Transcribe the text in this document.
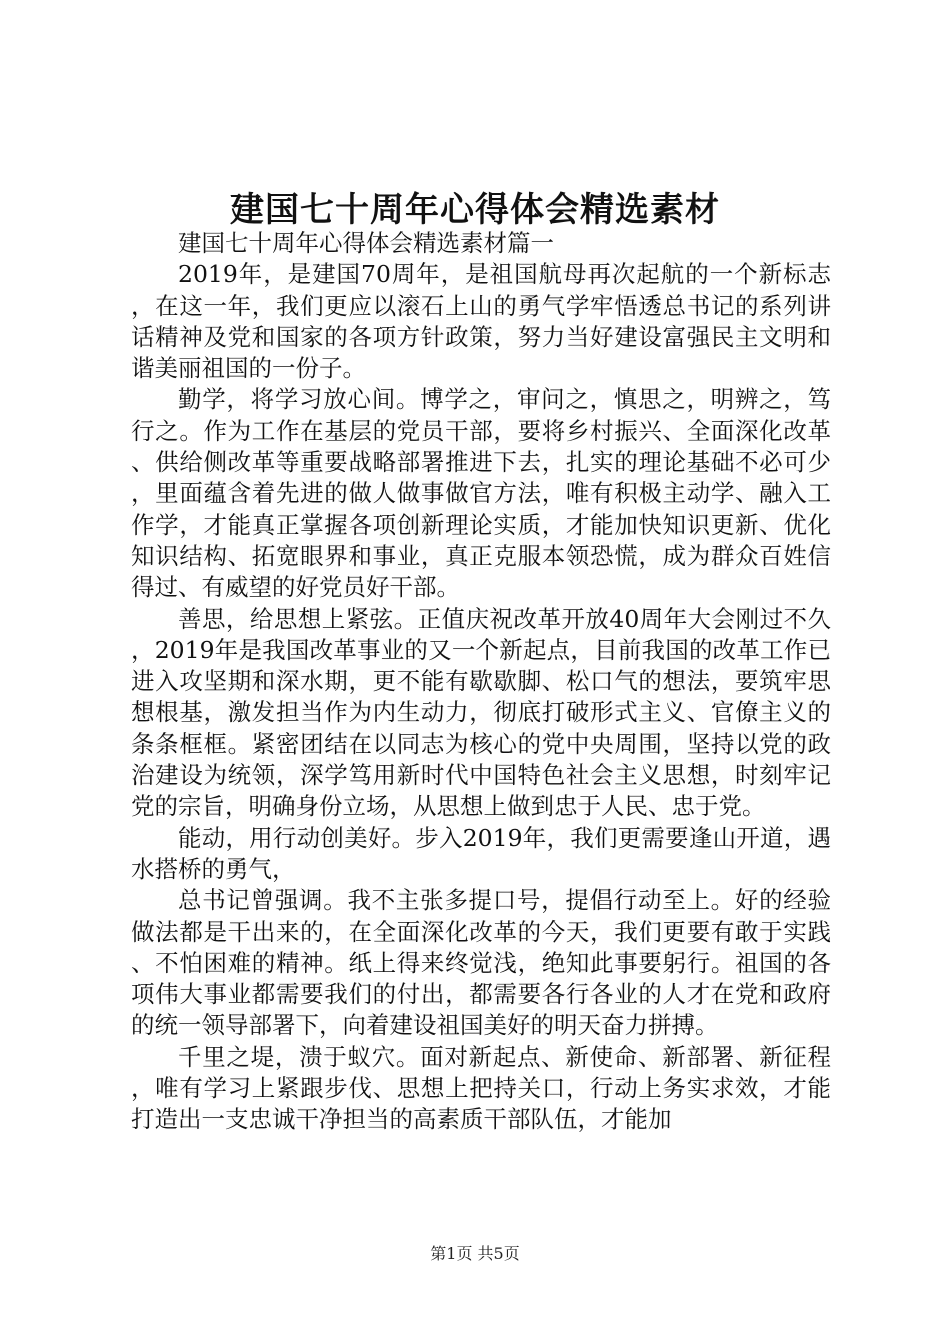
建国七十周年心得体会精选素材

建国七十周年心得体会精选素材篇一

2019年，是建国70周年，是祖国航母再次起航的一个新标志，在这一年，我们更应以滚石上山的勇气学牢悟透总书记的系列讲话精神及党和国家的各项方针政策，努力当好建设富强民主文明和谐美丽祖国的一份子。

勤学，将学习放心间。博学之，审问之，慎思之，明辨之，笃行之。作为工作在基层的党员干部，要将乡村振兴、全面深化改革、供给侧改革等重要战略部署推进下去，扎实的理论基础不必可少，里面蕴含着先进的做人做事做官方法，唯有积极主动学、融入工作学，才能真正掌握各项创新理论实质，才能加快知识更新、优化知识结构、拓宽眼界和事业，真正克服本领恐慌，成为群众百姓信得过、有威望的好党员好干部。

善思，给思想上紧弦。正值庆祝改革开放40周年大会刚过不久，2019年是我国改革事业的又一个新起点，目前我国的改革工作已进入攻坚期和深水期，更不能有歇歇脚、松口气的想法，要筑牢思想根基，激发担当作为内生动力，彻底打破形式主义、官僚主义的条条框框。紧密团结在以同志为核心的党中央周围，坚持以党的政治建设为统领，深学笃用新时代中国特色社会主义思想，时刻牢记党的宗旨，明确身份立场，从思想上做到忠于人民、忠于党。

能动，用行动创美好。步入2019年，我们更需要逢山开道，遇水搭桥的勇气，

总书记曾强调。我不主张多提口号，提倡行动至上。好的经验做法都是干出来的，在全面深化改革的今天，我们更要有敢于实践、不怕困难的精神。纸上得来终觉浅，绝知此事要躬行。祖国的各项伟大事业都需要我们的付出，都需要各行各业的人才在党和政府的统一领导部署下，向着建设祖国美好的明天奋力拼搏。

千里之堤，溃于蚁穴。面对新起点、新使命、新部署、新征程，唯有学习上紧跟步伐、思想上把持关口，行动上务实求效，才能打造出一支忠诚干净担当的高素质干部队伍，才能加

第1页 共5页
